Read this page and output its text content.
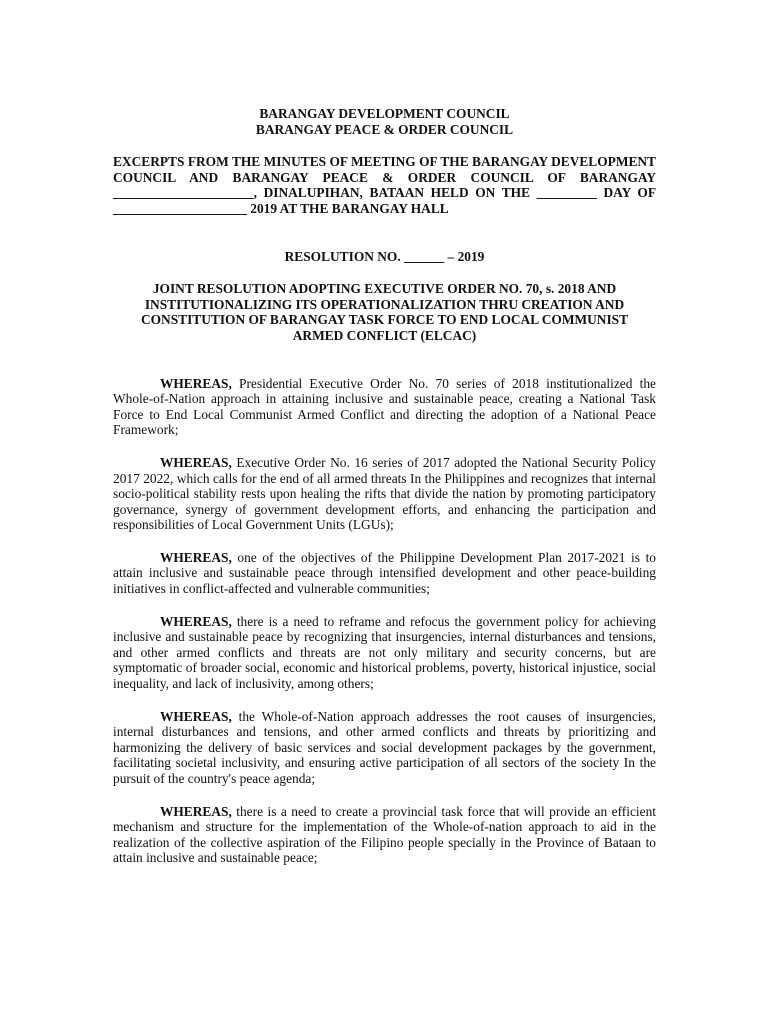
BARANGAY DEVELOPMENT COUNCIL
BARANGAY PEACE & ORDER COUNCIL
EXCERPTS FROM THE MINUTES OF MEETING OF THE BARANGAY DEVELOPMENT COUNCIL AND BARANGAY PEACE & ORDER COUNCIL OF BARANGAY _____________________, DINALUPIHAN, BATAAN HELD ON THE _________ DAY OF ____________________ 2019 AT THE BARANGAY HALL
RESOLUTION NO. ______ – 2019
JOINT RESOLUTION ADOPTING EXECUTIVE ORDER NO. 70, s. 2018 AND INSTITUTIONALIZING ITS OPERATIONALIZATION THRU CREATION AND CONSTITUTION OF BARANGAY TASK FORCE TO END LOCAL COMMUNIST ARMED CONFLICT (ELCAC)

WHEREAS, Presidential Executive Order No. 70 series of 2018 institutionalized the Whole-of-Nation approach in attaining inclusive and sustainable peace, creating a National Task Force to End Local Communist Armed Conflict and directing the adoption of a National Peace Framework;

WHEREAS, Executive Order No. 16 series of 2017 adopted the National Security Policy 2017 2022, which calls for the end of all armed threats In the Philippines and recognizes that internal socio-political stability rests upon healing the rifts that divide the nation by promoting participatory governance, synergy of government development efforts, and enhancing the participation and responsibilities of Local Government Units (LGUs);

WHEREAS, one of the objectives of the Philippine Development Plan 2017-2021 is to attain inclusive and sustainable peace through intensified development and other peace-building initiatives in conflict-affected and vulnerable communities;

WHEREAS, there is a need to reframe and refocus the government policy for achieving inclusive and sustainable peace by recognizing that insurgencies, internal disturbances and tensions, and other armed conflicts and threats are not only military and security concerns, but are symptomatic of broader social, economic and historical problems, poverty, historical injustice, social inequality, and lack of inclusivity, among others;

WHEREAS, the Whole-of-Nation approach addresses the root causes of insurgencies, internal disturbances and tensions, and other armed conflicts and threats by prioritizing and harmonizing the delivery of basic services and social development packages by the government, facilitating societal inclusivity, and ensuring active participation of all sectors of the society In the pursuit of the country's peace agenda;

WHEREAS, there is a need to create a provincial task force that will provide an efficient mechanism and structure for the implementation of the Whole-of-nation approach to aid in the realization of the collective aspiration of the Filipino people specially in the Province of Bataan to attain inclusive and sustainable peace;
